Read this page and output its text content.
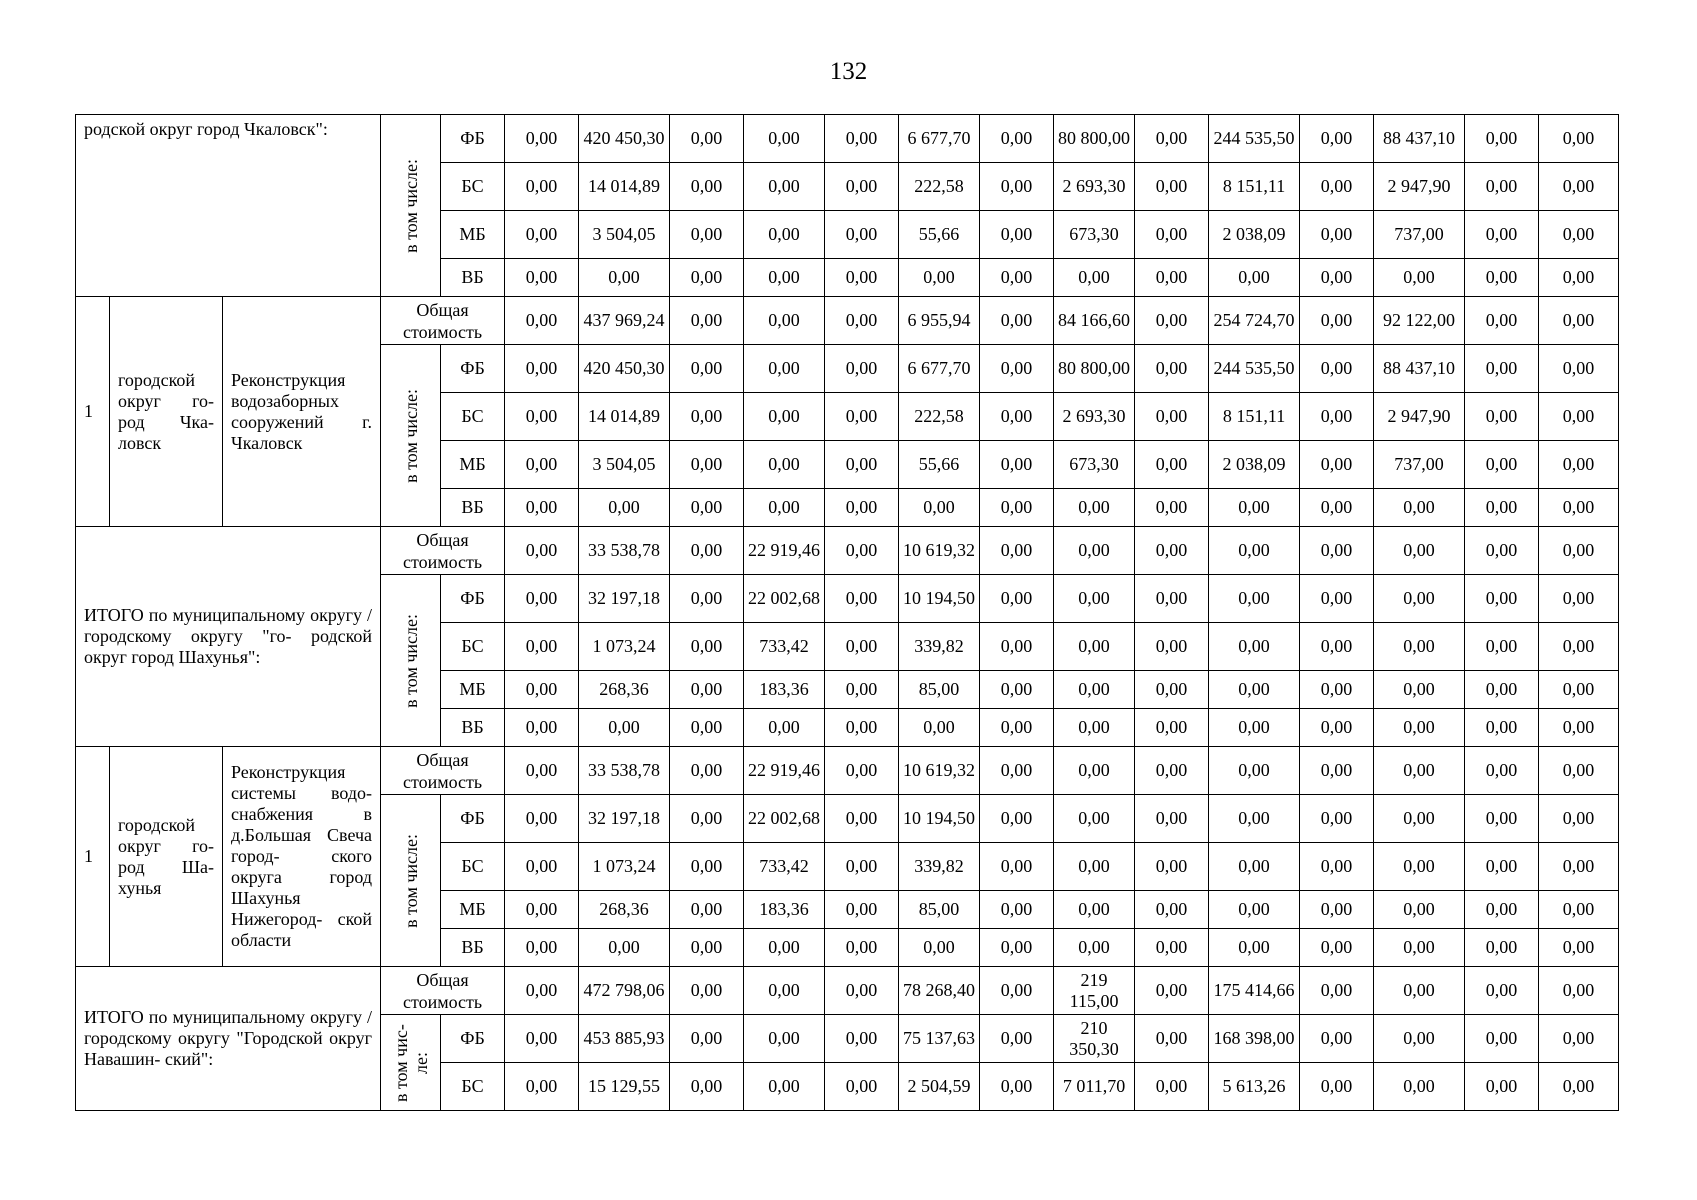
132
родской округ город Чкаловск":			в том числе:	ФБ	0,00	420 450,30	0,00	0,00	0,00	6 677,70	0,00	80 800,00	0,00	244 535,50	0,00	88 437,10	0,00	0,00
				БС	0,00	14 014,89	0,00	0,00	0,00	222,58	0,00	2 693,30	0,00	8 151,11	0,00	2 947,90	0,00	0,00
				МБ	0,00	3 504,05	0,00	0,00	0,00	55,66	0,00	673,30	0,00	2 038,09	0,00	737,00	0,00	0,00
				ВБ	0,00	0,00	0,00	0,00	0,00	0,00	0,00	0,00	0,00	0,00	0,00	0,00	0,00	0,00
1	городской округ го- род Чка- ловск	Реконструкция водозаборных сооружений г. Чкаловск	Общая стоимость		0,00	437 969,24	0,00	0,00	0,00	6 955,94	0,00	84 166,60	0,00	254 724,70	0,00	92 122,00	0,00	0,00

			в том числе:	ФБ	0,00	420 450,30	0,00	0,00	0,00	6 677,70	0,00	80 800,00	0,00	244 535,50	0,00	88 437,10	0,00	0,00
				БС	0,00	14 014,89	0,00	0,00	0,00	222,58	0,00	2 693,30	0,00	8 151,11	0,00	2 947,90	0,00	0,00
				МБ	0,00	3 504,05	0,00	0,00	0,00	55,66	0,00	673,30	0,00	2 038,09	0,00	737,00	0,00	0,00
				ВБ	0,00	0,00	0,00	0,00	0,00	0,00	0,00	0,00	0,00	0,00	0,00	0,00	0,00	0,00
ИТОГО по муниципальному округу / городскому округу "го- родской округ город Шахунья":			Общая стоимость		0,00	33 538,78	0,00	22 919,46	0,00	10 619,32	0,00	0,00	0,00	0,00	0,00	0,00	0,00	0,00

			в том числе:	ФБ	0,00	32 197,18	0,00	22 002,68	0,00	10 194,50	0,00	0,00	0,00	0,00	0,00	0,00	0,00	0,00
				БС	0,00	1 073,24	0,00	733,42	0,00	339,82	0,00	0,00	0,00	0,00	0,00	0,00	0,00	0,00
				МБ	0,00	268,36	0,00	183,36	0,00	85,00	0,00	0,00	0,00	0,00	0,00	0,00	0,00	0,00
				ВБ	0,00	0,00	0,00	0,00	0,00	0,00	0,00	0,00	0,00	0,00	0,00	0,00	0,00	0,00
1	городской округ го- род Ша- хунья	Реконструкция системы водо- снабжения в д.Большая Свеча город- ского округа город Шахунья Нижегород- ской области	Общая стоимость		0,00	33 538,78	0,00	22 919,46	0,00	10 619,32	0,00	0,00	0,00	0,00	0,00	0,00	0,00	0,00

			в том числе:	ФБ	0,00	32 197,18	0,00	22 002,68	0,00	10 194,50	0,00	0,00	0,00	0,00	0,00	0,00	0,00	0,00
				БС	0,00	1 073,24	0,00	733,42	0,00	339,82	0,00	0,00	0,00	0,00	0,00	0,00	0,00	0,00
				МБ	0,00	268,36	0,00	183,36	0,00	85,00	0,00	0,00	0,00	0,00	0,00	0,00	0,00	0,00
				ВБ	0,00	0,00	0,00	0,00	0,00	0,00	0,00	0,00	0,00	0,00	0,00	0,00	0,00	0,00
ИТОГО по муниципальному округу / городскому округу "Городской округ Навашин- ский":			Общая стоимость		0,00	472 798,06	0,00	0,00	0,00	78 268,40	0,00	219 115,00	0,00	175 414,66	0,00	0,00	0,00	0,00

			в том чис- ле:	ФБ	0,00	453 885,93	0,00	0,00	0,00	75 137,63	0,00	210 350,30	0,00	168 398,00	0,00	0,00	0,00	0,00
				БС	0,00	15 129,55	0,00	0,00	0,00	2 504,59	0,00	7 011,70	0,00	5 613,26	0,00	0,00	0,00	0,00
